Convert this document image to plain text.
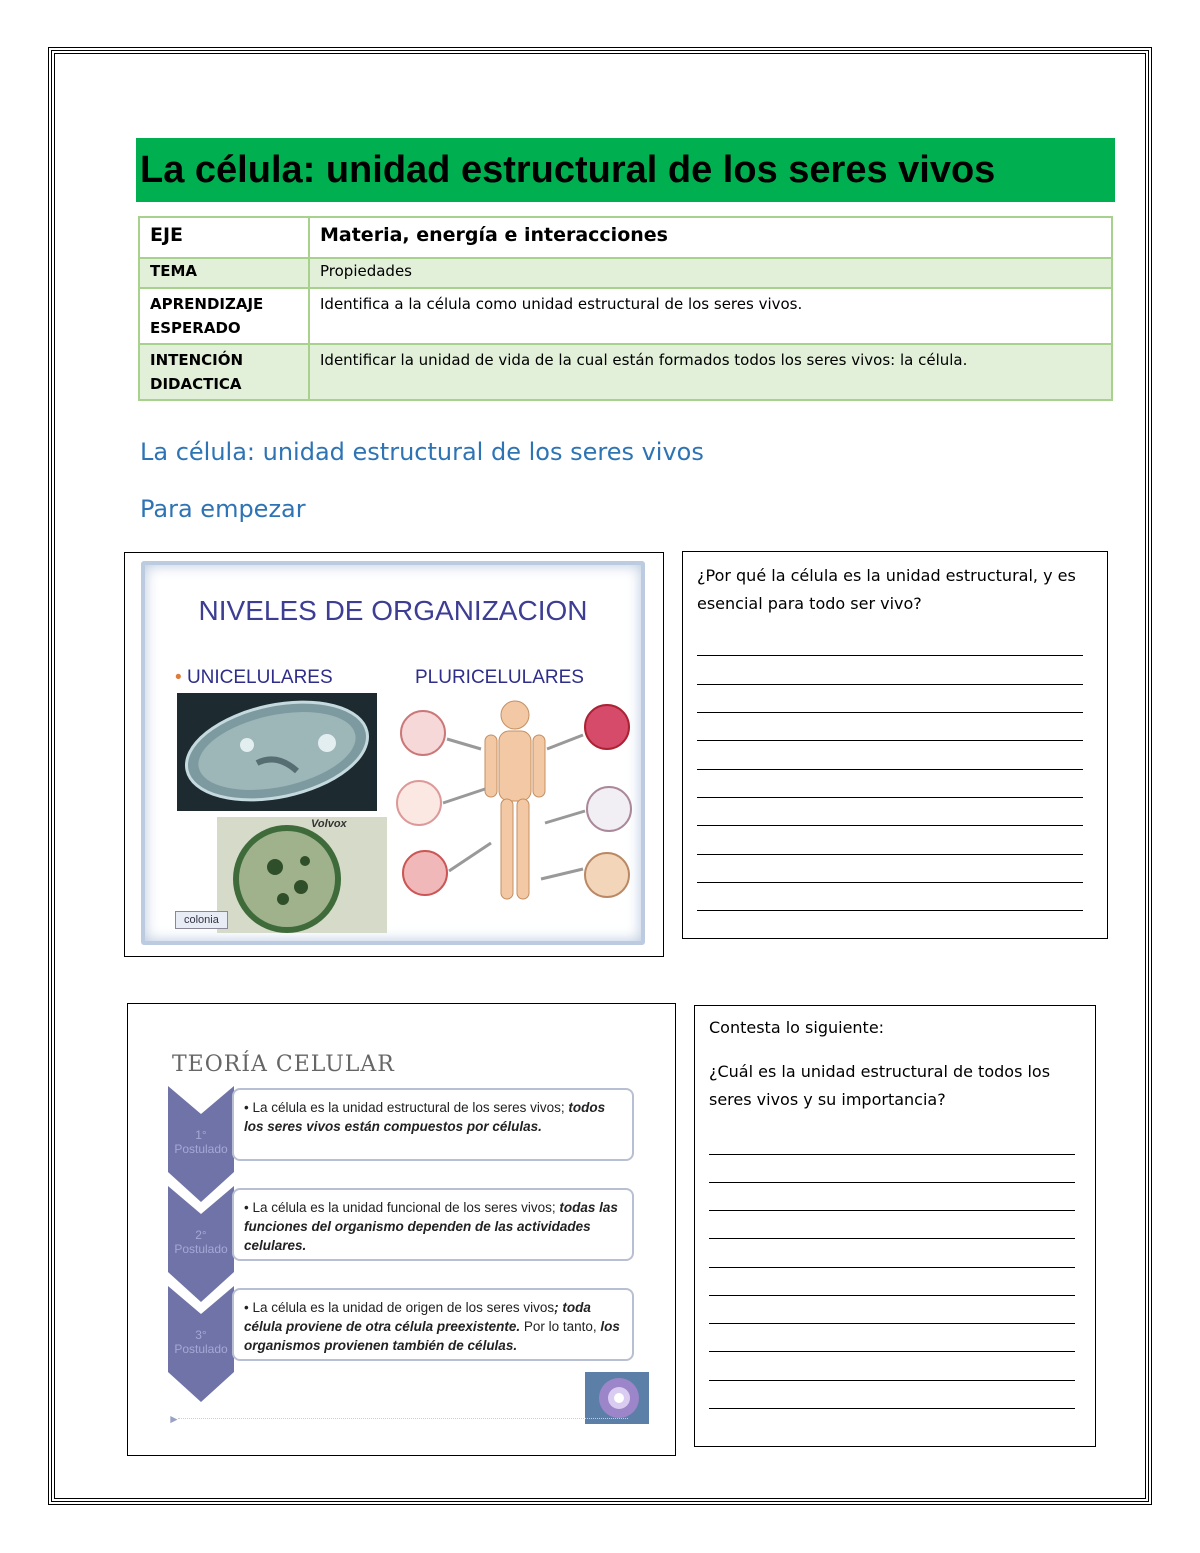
La célula: unidad estructural de los seres vivos
EJE	Materia, energía e interacciones
TEMA	Propiedades
APRENDIZAJE ESPERADO	Identifica a la célula como unidad estructural de los seres vivos.
INTENCIÓN DIDACTICA	Identificar la unidad de vida de la cual están formados todos los seres vivos: la célula.
La célula: unidad estructural de los seres vivos
Para empezar
NIVELES DE ORGANIZACION
• UNICELULARES	PLURICELULARES
Volvox
colonia
¿Por qué la célula es la unidad estructural, y es esencial para todo ser vivo?
TEORÍA CELULAR
1° Postulado
2° Postulado
3° Postulado
• La célula es la unidad estructural de los seres vivos; todos los seres vivos están compuestos por células.
• La célula es la unidad funcional de los seres vivos; todas las funciones del organismo dependen de las actividades celulares.
• La célula es la unidad de origen de los seres vivos; toda célula proviene de otra célula preexistente. Por lo tanto, los organismos provienen también de células.
►
Contesta lo siguiente:
¿Cuál es la unidad estructural de todos los seres vivos y su importancia?
